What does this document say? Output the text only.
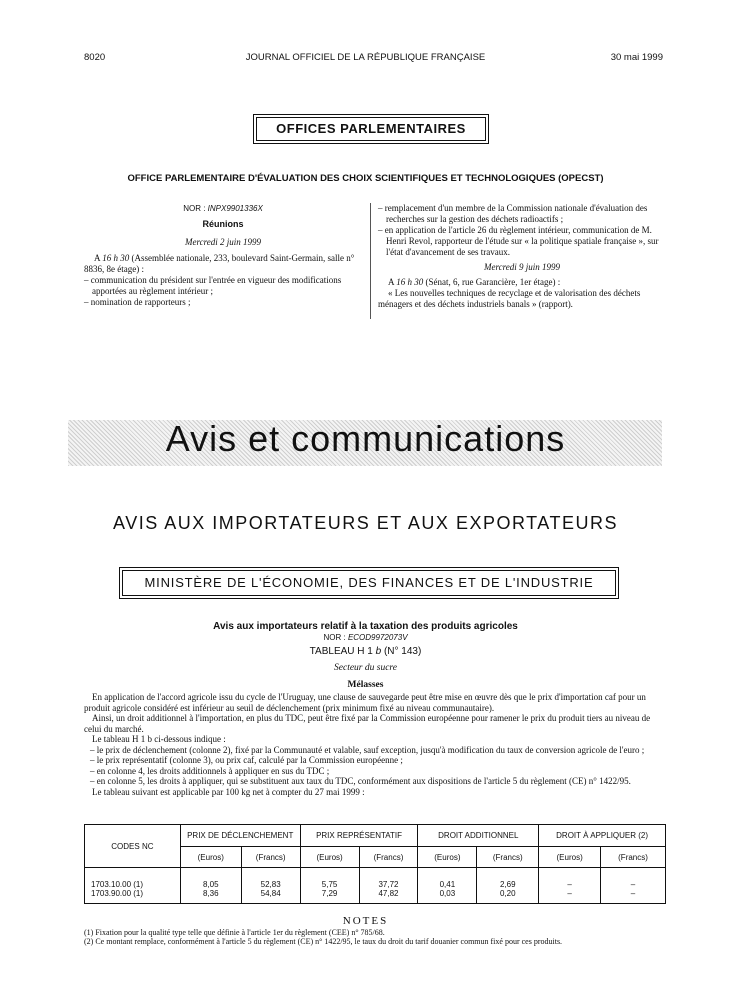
8020	JOURNAL OFFICIEL DE LA RÉPUBLIQUE FRANÇAISE	30 mai 1999
OFFICES PARLEMENTAIRES
OFFICE PARLEMENTAIRE D'ÉVALUATION DES CHOIX SCIENTIFIQUES ET TECHNOLOGIQUES (OPECST)

NOR : INPX9901336X

Réunions

Mercredi 2 juin 1999

A 16 h 30 (Assemblée nationale, 233, boulevard Saint-Germain, salle n° 8836, 8e étage) :

– communication du président sur l'entrée en vigueur des modifications apportées au règlement intérieur ;

– nomination de rapporteurs ;

– remplacement d'un membre de la Commission nationale d'évaluation des recherches sur la gestion des déchets radioactifs ;

– en application de l'article 26 du règlement intérieur, communication de M. Henri Revol, rapporteur de l'étude sur « la politique spatiale française », sur l'état d'avancement de ses travaux.

Mercredi 9 juin 1999

A 16 h 30 (Sénat, 6, rue Garancière, 1er étage) :

« Les nouvelles techniques de recyclage et de valorisation des déchets ménagers et des déchets industriels banals » (rapport).

Avis et communications
AVIS AUX IMPORTATEURS ET AUX EXPORTATEURS
MINISTÈRE DE L'ÉCONOMIE, DES FINANCES ET DE L'INDUSTRIE
Avis aux importateurs relatif à la taxation des produits agricoles
NOR : ECOD9972073V
TABLEAU H 1 b (N° 143)
Secteur du sucre
Mélasses

En application de l'accord agricole issu du cycle de l'Uruguay, une clause de sauvegarde peut être mise en œuvre dès que le prix d'importation caf pour un produit agricole considéré est inférieur au seuil de déclenchement (prix minimum fixé au niveau communautaire).

Ainsi, un droit additionnel à l'importation, en plus du TDC, peut être fixé par la Commission européenne pour ramener le prix du produit tiers au niveau de celui du marché.

Le tableau H 1 b ci-dessous indique :

– le prix de déclenchement (colonne 2), fixé par la Communauté et valable, sauf exception, jusqu'à modification du taux de conversion agricole de l'euro ;

– le prix représentatif (colonne 3), ou prix caf, calculé par la Commission européenne ;

– en colonne 4, les droits additionnels à appliquer en sus du TDC ;

– en colonne 5, les droits à appliquer, qui se substituent aux taux du TDC, conformément aux dispositions de l'article 5 du règlement (CE) n° 1422/95.

Le tableau suivant est applicable par 100 kg net à compter du 27 mai 1999 :

CODES NC	PRIX DE DÉCLENCHEMENT		PRIX REPRÉSENTATIF		DROIT ADDITIONNEL		DROIT À APPLIQUER (2)	
	(Euros)	(Francs)	(Euros)	(Francs)	(Euros)	(Francs)	(Euros)	(Francs)

1703.10.00 (1)	8,05	52,83	5,75	37,72	0,41	2,69	–	–
1703.90.00 (1)	8,36	54,84	7,29	47,82	0,03	0,20	–	–
NOTES

(1) Fixation pour la qualité type telle que définie à l'article 1er du règlement (CEE) n° 785/68.

(2) Ce montant remplace, conformément à l'article 5 du règlement (CE) n° 1422/95, le taux du droit du tarif douanier commun fixé pour ces produits.
